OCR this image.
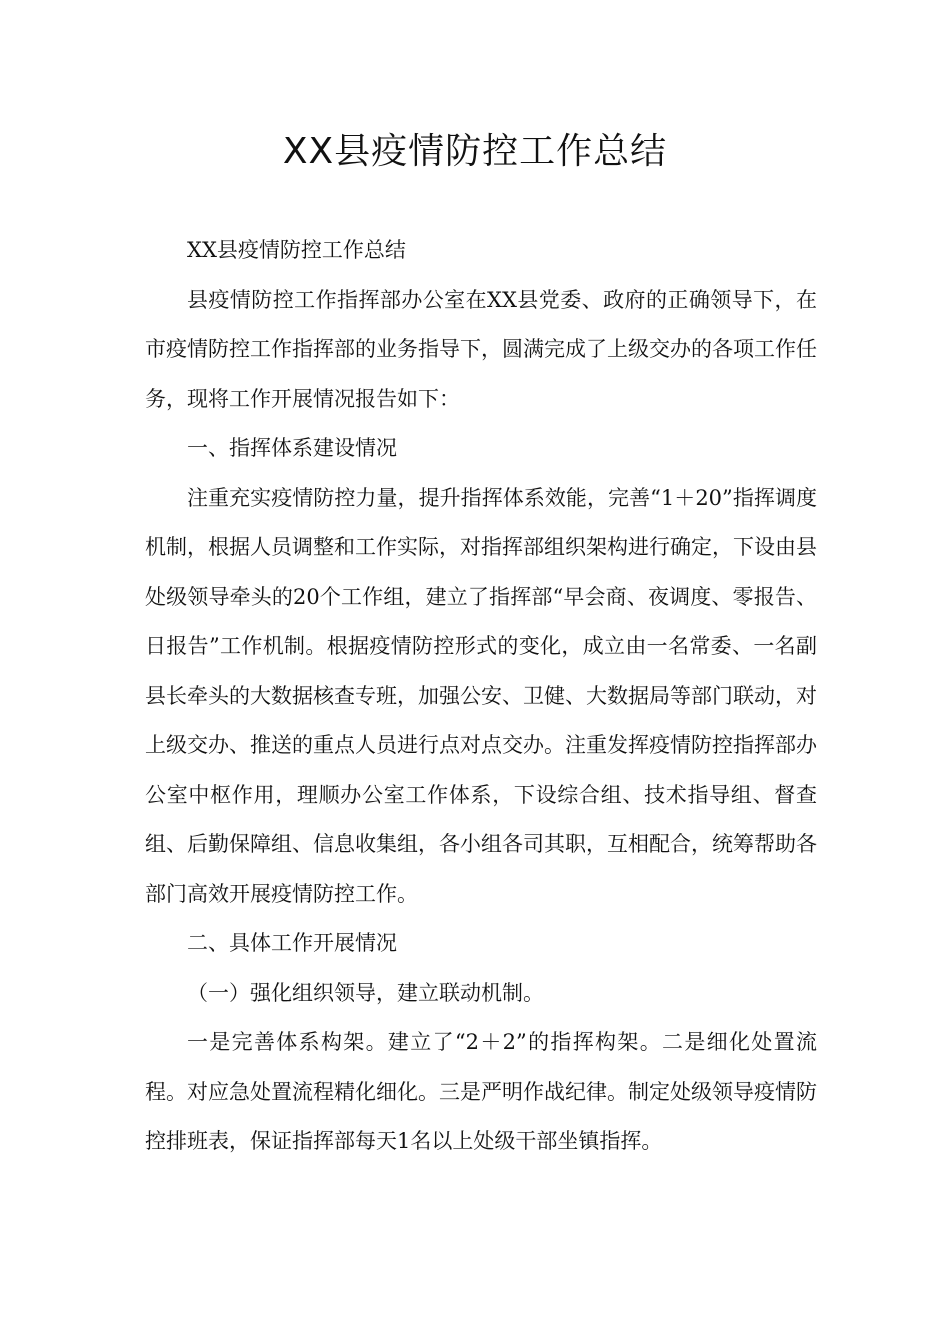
XX县疫情防控工作总结

XX县疫情防控工作总结

县疫情防控工作指挥部办公室在XX县党委、政府的正确领导下，在市疫情防控工作指挥部的业务指导下，圆满完成了上级交办的各项工作任务，现将工作开展情况报告如下：

一、指挥体系建设情况

注重充实疫情防控力量，提升指挥体系效能，完善“1＋20”指挥调度机制，根据人员调整和工作实际，对指挥部组织架构进行确定，下设由县处级领导牵头的20个工作组，建立了指挥部“早会商、夜调度、零报告、日报告”工作机制。根据疫情防控形式的变化，成立由一名常委、一名副县长牵头的大数据核查专班，加强公安、卫健、大数据局等部门联动，对上级交办、推送的重点人员进行点对点交办。注重发挥疫情防控指挥部办公室中枢作用，理顺办公室工作体系，下设综合组、技术指导组、督查组、后勤保障组、信息收集组，各小组各司其职，互相配合，统筹帮助各部门高效开展疫情防控工作。

二、具体工作开展情况

（一）强化组织领导，建立联动机制。

一是完善体系构架。建立了“2＋2”的指挥构架。二是细化处置流程。对应急处置流程精化细化。三是严明作战纪律。制定处级领导疫情防控排班表，保证指挥部每天1名以上处级干部坐镇指挥。
